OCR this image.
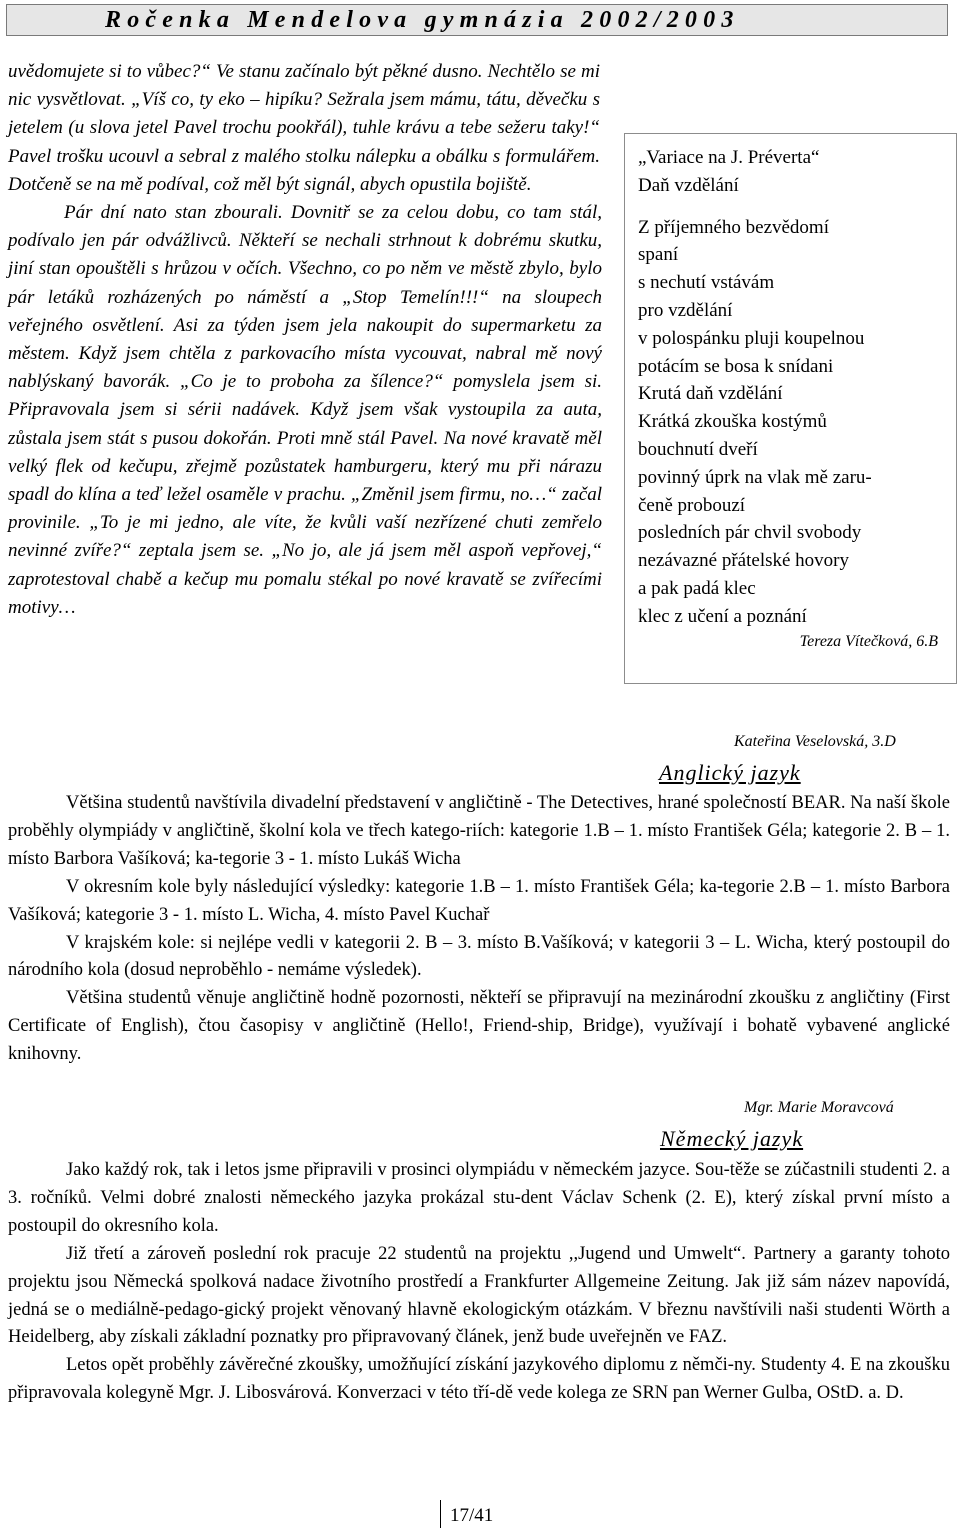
Ročenka Mendelova gymnázia 2002/2003

uvědomujete si to vůbec?“ Ve stanu začínalo být pěkné dusno. Nechtělo se mi nic vysvětlovat. „Víš co, ty eko – hipíku? Sežrala jsem mámu, tátu, děvečku s jetelem (u slova jetel Pavel trochu pookřál), tuhle krávu a tebe sežeru taky!“ Pavel trošku ucouvl a sebral z malého stolku nálepku a obálku s formulářem. Dotčeně se na mě podíval, což měl být signál, abych opustila bojiště.

Pár dní nato stan zbourali. Dovnitř se za celou dobu, co tam stál, podívalo jen pár odvážlivců. Někteří se nechali strhnout k dobrému skutku, jiní stan opouštěli s hrůzou v očích. Všechno, co po něm ve městě zbylo, bylo pár letáků rozházených po náměstí a „Stop Temelín!!!“ na sloupech veřejného osvětlení. Asi za týden jsem jela nakoupit do supermarketu za městem. Když jsem chtěla z parkovacího místa vycouvat, nabral mě nový nablýskaný bavorák. „Co je to proboha za šílence?“ pomyslela jsem si. Připravovala jsem si sérii nadávek. Když jsem však vystoupila za auta, zůstala jsem stát s pusou dokořán. Proti mně stál Pavel. Na nové kravatě měl velký flek od kečupu, zřejmě pozůstatek hamburgeru, který mu při nárazu spadl do klína a teď ležel osaměle v prachu. „Změnil jsem firmu, no…“ začal provinile. „To je mi jedno, ale víte, že kvůli vaší nezřízené chuti zemřelo nevinné zvíře?“ zeptala jsem se. „No jo, ale já jsem měl aspoň vepřovej,“ zaprotestoval chabě a kečup mu pomalu stékal po nové kravatě se zvířecími motivy…

„Variace na J. Préverta“

Daň vzdělání

Z příjemného bezvědomí

spaní

s nechutí vstávám

pro vzdělání

v polospánku pluji koupelnou

potácím se bosa k snídani

Krutá daň vzdělání

Krátká zkouška kostýmů

bouchnutí dveří

povinný úprk na vlak mě zaru-

čeně probouzí

posledních pár chvil svobody

nezávazné přátelské hovory

a pak padá klec

klec z učení a poznání

Tereza Vítečková, 6.B

Kateřina Veselovská, 3.D
Anglický jazyk

Většina studentů navštívila divadelní představení v angličtině - The Detectives, hrané společností BEAR. Na naší škole proběhly olympiády v angličtině, školní kola ve třech katego-riích: kategorie 1.B – 1. místo František Géla; kategorie 2. B – 1. místo Barbora Vašíková; ka-tegorie 3 - 1. místo Lukáš Wicha

V okresním kole byly následující výsledky: kategorie 1.B – 1. místo František Géla; ka-tegorie 2.B – 1. místo Barbora Vašíková; kategorie 3 - 1. místo L. Wicha, 4. místo Pavel Kuchař

V krajském kole: si nejlépe vedli v kategorii 2. B – 3. místo B.Vašíková; v kategorii 3 – L. Wicha, který postoupil do národního kola (dosud neproběhlo - nemáme výsledek).

Většina studentů věnuje angličtině hodně pozornosti, někteří se připravují na mezinárodní zkoušku z angličtiny (First Certificate of English), čtou časopisy v angličtině (Hello!, Friend-ship, Bridge), využívají i bohatě vybavené anglické knihovny.

Mgr. Marie Moravcová
Německý jazyk

Jako každý rok, tak i letos jsme připravili v prosinci olympiádu v německém jazyce. Sou-těže se zúčastnili studenti 2. a 3. ročníků. Velmi dobré znalosti německého jazyka prokázal stu-dent Václav Schenk (2. E), který získal první místo a postoupil do okresního kola.

Již třetí a zároveň poslední rok pracuje 22 studentů na projektu ,,Jugend und Umwelt“. Partnery a garanty tohoto projektu jsou Německá spolková nadace životního prostředí a Frankfurter Allgemeine Zeitung. Jak již sám název napovídá, jedná se o mediálně-pedago-gický projekt věnovaný hlavně ekologickým otázkám. V březnu navštívili naši studenti Wörth a Heidelberg, aby získali základní poznatky pro připravovaný článek, jenž bude uveřejněn ve FAZ.

Letos opět proběhly závěrečné zkoušky, umožňující získání jazykového diplomu z němči-ny. Studenty 4. E na zkoušku připravovala kolegyně Mgr. J. Libosvárová. Konverzaci v této tří-dě vede kolega ze SRN pan Werner Gulba, OStD. a. D.

17/41
